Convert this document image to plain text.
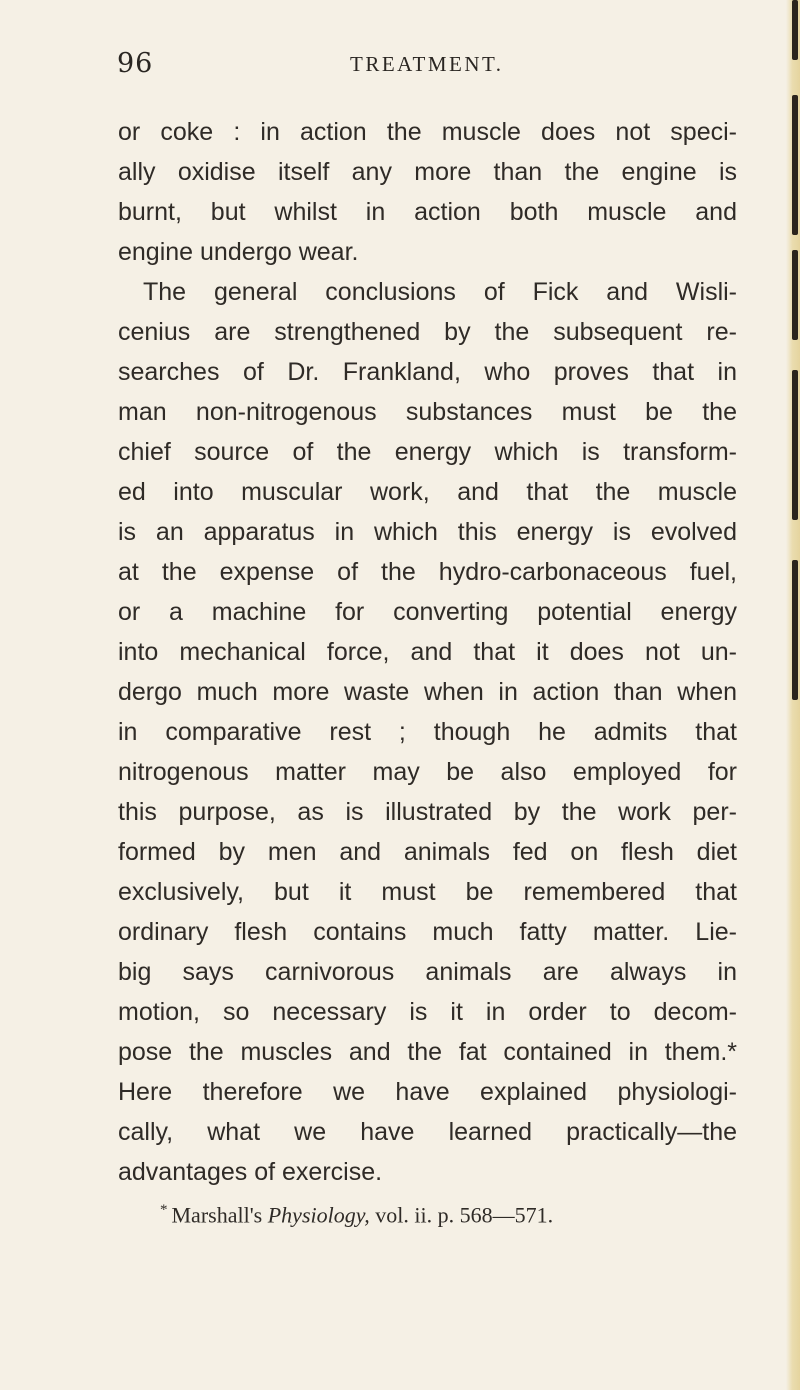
96	TREATMENT.
or coke : in action the muscle does not speci-
ally oxidise itself any more than the engine is
burnt, but whilst in action both muscle and
engine undergo wear.
The general conclusions of Fick and Wisli-
cenius are strengthened by the subsequent re-
searches of Dr. Frankland, who proves that in
man non-nitrogenous substances must be the
chief source of the energy which is transform-
ed into muscular work, and that the muscle
is an apparatus in which this energy is evolved
at the expense of the hydro-carbonaceous fuel,
or a machine for converting potential energy
into mechanical force, and that it does not un-
dergo much more waste when in action than when
in comparative rest ; though he admits that
nitrogenous matter may be also employed for
this purpose, as is illustrated by the work per-
formed by men and animals fed on flesh diet
exclusively, but it must be remembered that
ordinary flesh contains much fatty matter. Lie-
big says carnivorous animals are always in
motion, so necessary is it in order to decom-
pose the muscles and the fat contained in them.*
Here therefore we have explained physiologi-
cally, what we have learned practically—the
advantages of exercise.
* Marshall's Physiology, vol. ii. p. 568—571.
